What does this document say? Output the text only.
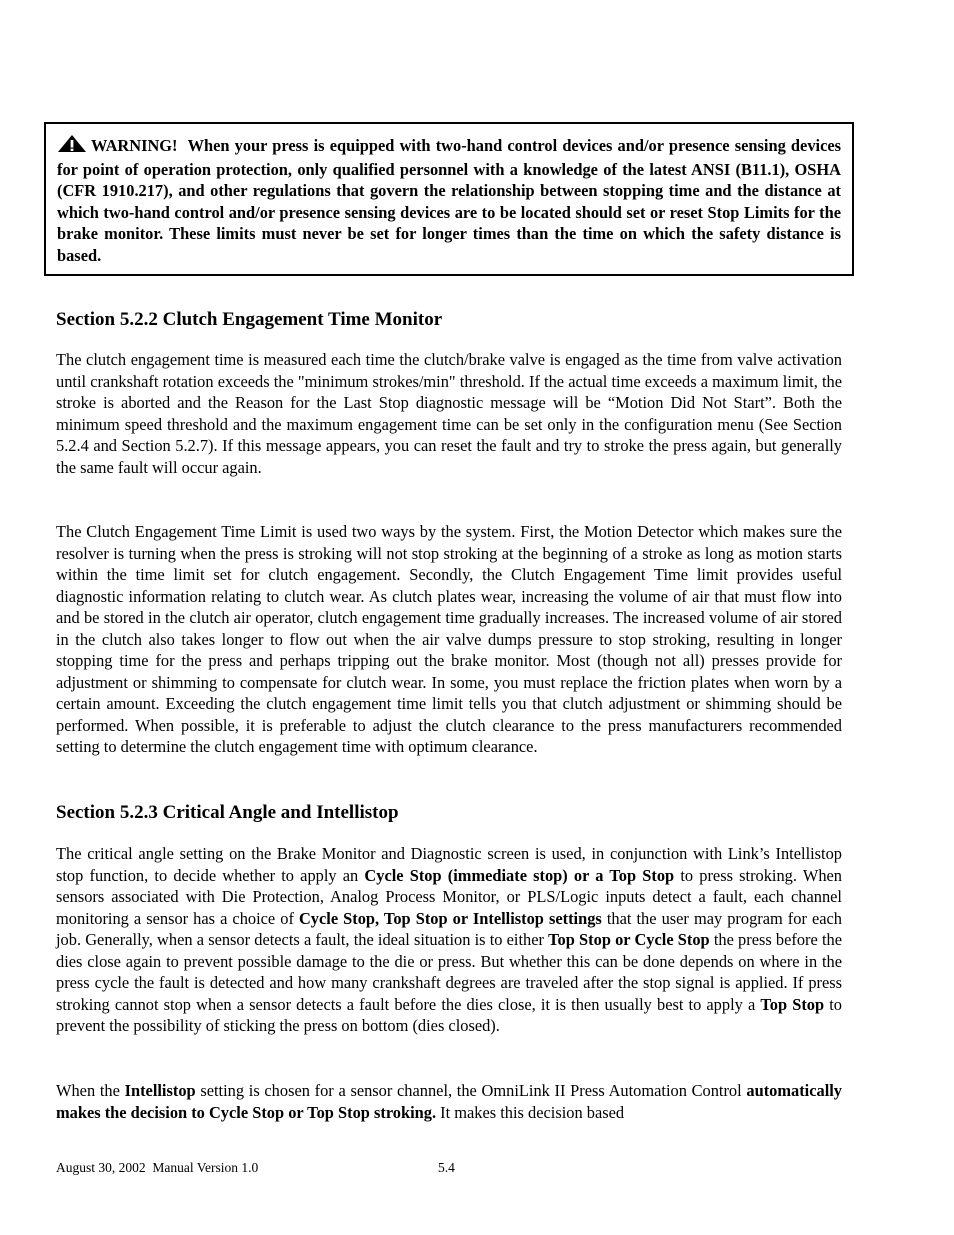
WARNING! When your press is equipped with two-hand control devices and/or presence sensing devices for point of operation protection, only qualified personnel with a knowledge of the latest ANSI (B11.1), OSHA (CFR 1910.217), and other regulations that govern the relationship between stopping time and the distance at which two-hand control and/or presence sensing devices are to be located should set or reset Stop Limits for the brake monitor. These limits must never be set for longer times than the time on which the safety distance is based.
Section 5.2.2 Clutch Engagement Time Monitor

The clutch engagement time is measured each time the clutch/brake valve is engaged as the time from valve activation until crankshaft rotation exceeds the "minimum strokes/min" threshold. If the actual time exceeds a maximum limit, the stroke is aborted and the Reason for the Last Stop diagnostic message will be “Motion Did Not Start”. Both the minimum speed threshold and the maximum engagement time can be set only in the configuration menu (See Section 5.2.4 and Section 5.2.7). If this message appears, you can reset the fault and try to stroke the press again, but generally the same fault will occur again.

The Clutch Engagement Time Limit is used two ways by the system. First, the Motion Detector which makes sure the resolver is turning when the press is stroking will not stop stroking at the beginning of a stroke as long as motion starts within the time limit set for clutch engagement. Secondly, the Clutch Engagement Time limit provides useful diagnostic information relating to clutch wear. As clutch plates wear, increasing the volume of air that must flow into and be stored in the clutch air operator, clutch engagement time gradually increases. The increased volume of air stored in the clutch also takes longer to flow out when the air valve dumps pressure to stop stroking, resulting in longer stopping time for the press and perhaps tripping out the brake monitor. Most (though not all) presses provide for adjustment or shimming to compensate for clutch wear. In some, you must replace the friction plates when worn by a certain amount. Exceeding the clutch engagement time limit tells you that clutch adjustment or shimming should be performed. When possible, it is preferable to adjust the clutch clearance to the press manufacturers recommended setting to determine the clutch engagement time with optimum clearance.

Section 5.2.3 Critical Angle and Intellistop

The critical angle setting on the Brake Monitor and Diagnostic screen is used, in conjunction with Link’s Intellistop stop function, to decide whether to apply an Cycle Stop (immediate stop) or a Top Stop to press stroking. When sensors associated with Die Protection, Analog Process Monitor, or PLS/Logic inputs detect a fault, each channel monitoring a sensor has a choice of Cycle Stop, Top Stop or Intellistop settings that the user may program for each job. Generally, when a sensor detects a fault, the ideal situation is to either Top Stop or Cycle Stop the press before the dies close again to prevent possible damage to the die or press. But whether this can be done depends on where in the press cycle the fault is detected and how many crankshaft degrees are traveled after the stop signal is applied. If press stroking cannot stop when a sensor detects a fault before the dies close, it is then usually best to apply a Top Stop to prevent the possibility of sticking the press on bottom (dies closed).

When the Intellistop setting is chosen for a sensor channel, the OmniLink II Press Automation Control automatically makes the decision to Cycle Stop or Top Stop stroking. It makes this decision based

August 30, 2002  Manual Version 1.0	5.4
